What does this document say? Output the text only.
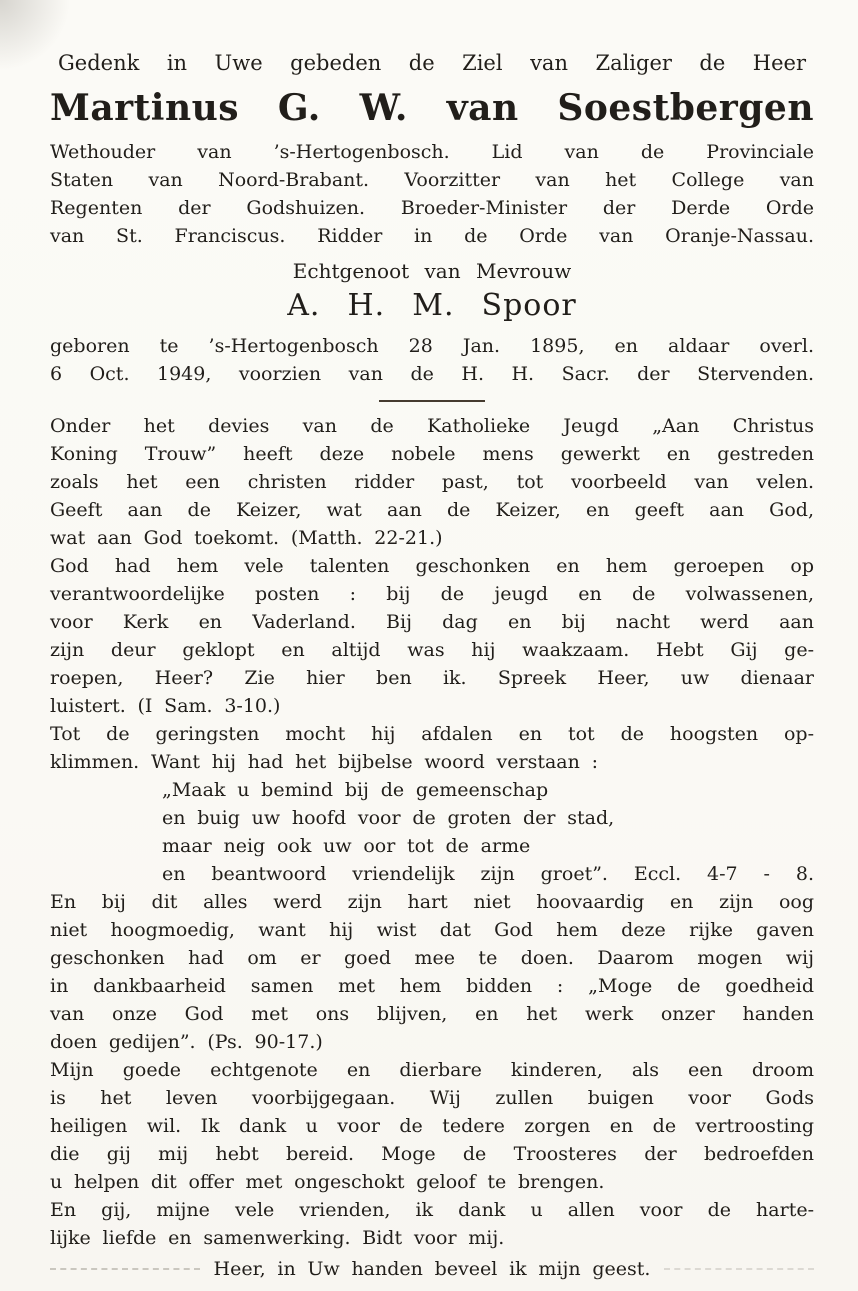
Gedenk in Uwe gebeden de Ziel van Zaliger de Heer
Martinus G. W. van Soestbergen
Wethouder van ’s-Hertogenbosch. Lid van de Provinciale
Staten van Noord-Brabant. Voorzitter van het College van
Regenten der Godshuizen. Broeder-Minister der Derde Orde
van St. Franciscus. Ridder in de Orde van Oranje-Nassau.
Echtgenoot van Mevrouw
A. H. M. Spoor
geboren te ’s-Hertogenbosch 28 Jan. 1895, en aldaar overl.
6 Oct. 1949, voorzien van de H. H. Sacr. der Stervenden.
Onder het devies van de Katholieke Jeugd „Aan Christus
Koning Trouw” heeft deze nobele mens gewerkt en gestreden
zoals het een christen ridder past, tot voorbeeld van velen.
Geeft aan de Keizer, wat aan de Keizer, en geeft aan God,
wat aan God toekomt. (Matth. 22-21.)
God had hem vele talenten geschonken en hem geroepen op
verantwoordelijke posten : bij de jeugd en de volwassenen,
voor Kerk en Vaderland. Bij dag en bij nacht werd aan
zijn deur geklopt en altijd was hij waakzaam. Hebt Gij ge-
roepen, Heer? Zie hier ben ik. Spreek Heer, uw dienaar
luistert. (I Sam. 3-10.)
Tot de geringsten mocht hij afdalen en tot de hoogsten op-
klimmen. Want hij had het bijbelse woord verstaan :
„Maak u bemind bij de gemeenschap
en buig uw hoofd voor de groten der stad,
maar neig ook uw oor tot de arme
en beantwoord vriendelijk zijn groet”. Eccl. 4-7 - 8.
En bij dit alles werd zijn hart niet hoovaardig en zijn oog
niet hoogmoedig, want hij wist dat God hem deze rijke gaven
geschonken had om er goed mee te doen. Daarom mogen wij
in dankbaarheid samen met hem bidden : „Moge de goedheid
van onze God met ons blijven, en het werk onzer handen
doen gedijen”. (Ps. 90-17.)
Mijn goede echtgenote en dierbare kinderen, als een droom
is het leven voorbijgegaan. Wij zullen buigen voor Gods
heiligen wil. Ik dank u voor de tedere zorgen en de vertroosting
die gij mij hebt bereid. Moge de Troosteres der bedroefden
u helpen dit offer met ongeschokt geloof te brengen.
En gij, mijne vele vrienden, ik dank u allen voor de harte-
lijke liefde en samenwerking. Bidt voor mij.
Heer, in Uw handen beveel ik mijn geest.
